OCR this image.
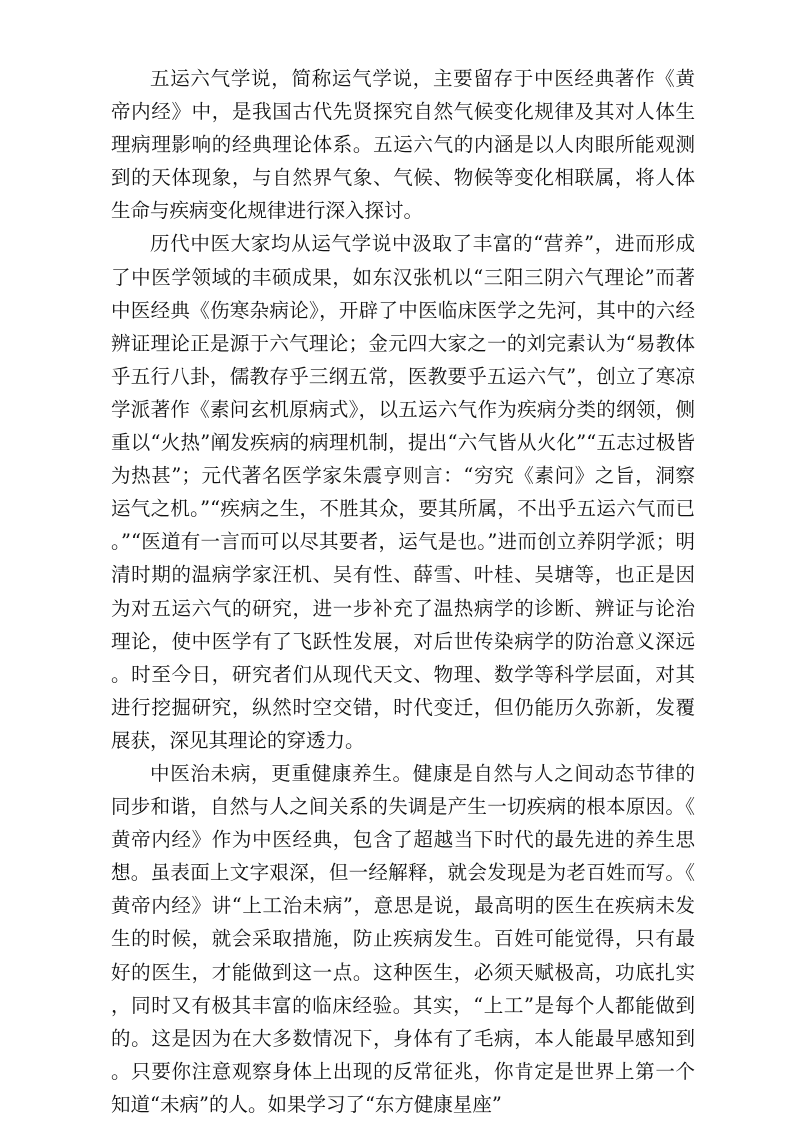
五运六气学说，简称运气学说，主要留存于中医经典著作《黄帝内经》中，是我国古代先贤探究自然气候变化规律及其对人体生理病理影响的经典理论体系。五运六气的内涵是以人肉眼所能观测到的天体现象，与自然界气象、气候、物候等变化相联属，将人体生命与疾病变化规律进行深入探讨。

历代中医大家均从运气学说中汲取了丰富的“营养”，进而形成了中医学领域的丰硕成果，如东汉张机以“三阳三阴六气理论”而著中医经典《伤寒杂病论》，开辟了中医临床医学之先河，其中的六经辨证理论正是源于六气理论；金元四大家之一的刘完素认为“易教体乎五行八卦，儒教存乎三纲五常，医教要乎五运六气”，创立了寒凉学派著作《素问玄机原病式》，以五运六气作为疾病分类的纲领，侧重以“火热”阐发疾病的病理机制，提出“六气皆从火化”“五志过极皆为热甚”；元代著名医学家朱震亨则言：“穷究《素问》之旨，洞察运气之机。”“疾病之生，不胜其众，要其所属，不出乎五运六气而已。”“医道有一言而可以尽其要者，运气是也。”进而创立养阴学派；明清时期的温病学家汪机、吴有性、薛雪、叶桂、吴塘等，也正是因为对五运六气的研究，进一步补充了温热病学的诊断、辨证与论治理论，使中医学有了飞跃性发展，对后世传染病学的防治意义深远。时至今日，研究者们从现代天文、物理、数学等科学层面，对其进行挖掘研究，纵然时空交错，时代变迁，但仍能历久弥新，发覆展获，深见其理论的穿透力。

中医治未病，更重健康养生。健康是自然与人之间动态节律的同步和谐，自然与人之间关系的失调是产生一切疾病的根本原因。《黄帝内经》作为中医经典，包含了超越当下时代的最先进的养生思想。虽表面上文字艰深，但一经解释，就会发现是为老百姓而写。《黄帝内经》讲“上工治未病”，意思是说，最高明的医生在疾病未发生的时候，就会采取措施，防止疾病发生。百姓可能觉得，只有最好的医生，才能做到这一点。这种医生，必须天赋极高，功底扎实，同时又有极其丰富的临床经验。其实，“上工”是每个人都能做到的。这是因为在大多数情况下，身体有了毛病，本人能最早感知到。只要你注意观察身体上出现的反常征兆，你肯定是世界上第一个知道“未病”的人。如果学习了“东方健康星座”
